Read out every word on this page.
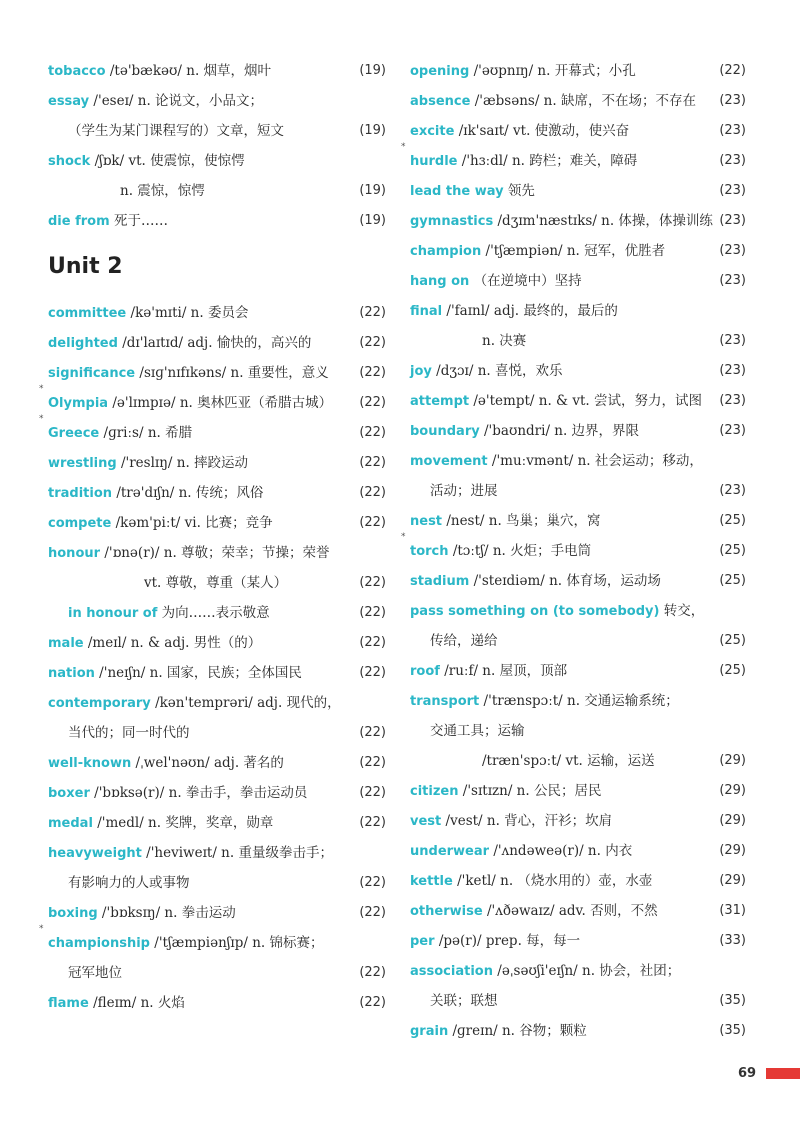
tobacco /tə'bækəʊ/ n. 烟草，烟叶	(19)
essay /'eseɪ/ n. 论说文，小品文；
（学生为某门课程写的）文章，短文	(19)
shock /ʃɒk/ vt. 使震惊，使惊愕
n. 震惊，惊愕	(19)
die from 死于……	(19)
Unit 2
committee /kə'mɪti/ n. 委员会	(22)
delighted /dɪ'laɪtɪd/ adj. 愉快的，高兴的	(22)
significance /sɪɡ'nɪfɪkəns/ n. 重要性，意义 (22)
*
Olympia /ə'lɪmpɪə/ n. 奥林匹亚（希腊古城） (22)
*
Greece /ɡriːs/ n. 希腊	(22)
wrestling /'reslɪŋ/ n. 摔跤运动	(22)
tradition /trə'dɪʃn/ n. 传统；风俗	(22)
compete /kəm'piːt/ vi. 比赛；竞争	(22)
honour /'ɒnə(r)/ n. 尊敬；荣幸；节操；荣誉
vt. 尊敬，尊重（某人）	(22)
in honour of 为向……表示敬意	(22)
male /meɪl/ n. & adj. 男性（的）	(22)
nation /'neɪʃn/ n. 国家，民族；全体国民	(22)
contemporary /kən'temprəri/ adj. 现代的，
当代的；同一时代的	(22)
well-known /ˌwel'nəʊn/ adj. 著名的	(22)
boxer /'bɒksə(r)/ n. 拳击手，拳击运动员	(22)
medal /'medl/ n. 奖牌，奖章，勋章	(22)
heavyweight /'heviweɪt/ n. 重量级拳击手；
有影响力的人或事物	(22)
boxing /'bɒksɪŋ/ n. 拳击运动	(22)
*
championship /'tʃæmpiənʃɪp/ n. 锦标赛；
冠军地位	(22)
flame /fleɪm/ n. 火焰	(22)
opening /'əʊpnɪŋ/ n. 开幕式；小孔	(22)
absence /'æbsəns/ n. 缺席，不在场；不存在 (23)
excite /ɪk'saɪt/ vt. 使激动，使兴奋	(23)
*
hurdle /'hɜːdl/ n. 跨栏；难关，障碍	(23)
lead the way 领先	(23)
gymnastics /dʒɪm'næstɪks/ n. 体操，体操训练 (23)
champion /'tʃæmpiən/ n. 冠军，优胜者	(23)
hang on （在逆境中）坚持	(23)
final /'faɪnl/ adj. 最终的，最后的
n. 决赛	(23)
joy /dʒɔɪ/ n. 喜悦，欢乐	(23)
attempt /ə'tempt/ n. & vt. 尝试，努力，试图 (23)
boundary /'baʊndri/ n. 边界，界限	(23)
movement /'muːvmənt/ n. 社会运动；移动，
活动；进展	(23)
nest /nest/ n. 鸟巢；巢穴，窝	(25)
*
torch /tɔːtʃ/ n. 火炬；手电筒	(25)
stadium /'steɪdiəm/ n. 体育场，运动场	(25)
pass something on (to somebody) 转交，
传给，递给	(25)
roof /ruːf/ n. 屋顶，顶部	(25)
transport /'trænspɔːt/ n. 交通运输系统；
交通工具；运输
/træn'spɔːt/ vt. 运输，运送	(29)
citizen /'sɪtɪzn/ n. 公民；居民	(29)
vest /vest/ n. 背心，汗衫；坎肩	(29)
underwear /'ʌndəweə(r)/ n. 内衣	(29)
kettle /'ketl/ n. （烧水用的）壶，水壶	(29)
otherwise /'ʌðəwaɪz/ adv. 否则，不然	(31)
per /pə(r)/ prep. 每，每一	(33)
association /əˌsəʊʃi'eɪʃn/ n. 协会，社团；
关联；联想	(35)
grain /ɡreɪn/ n. 谷物；颗粒	(35)
69
